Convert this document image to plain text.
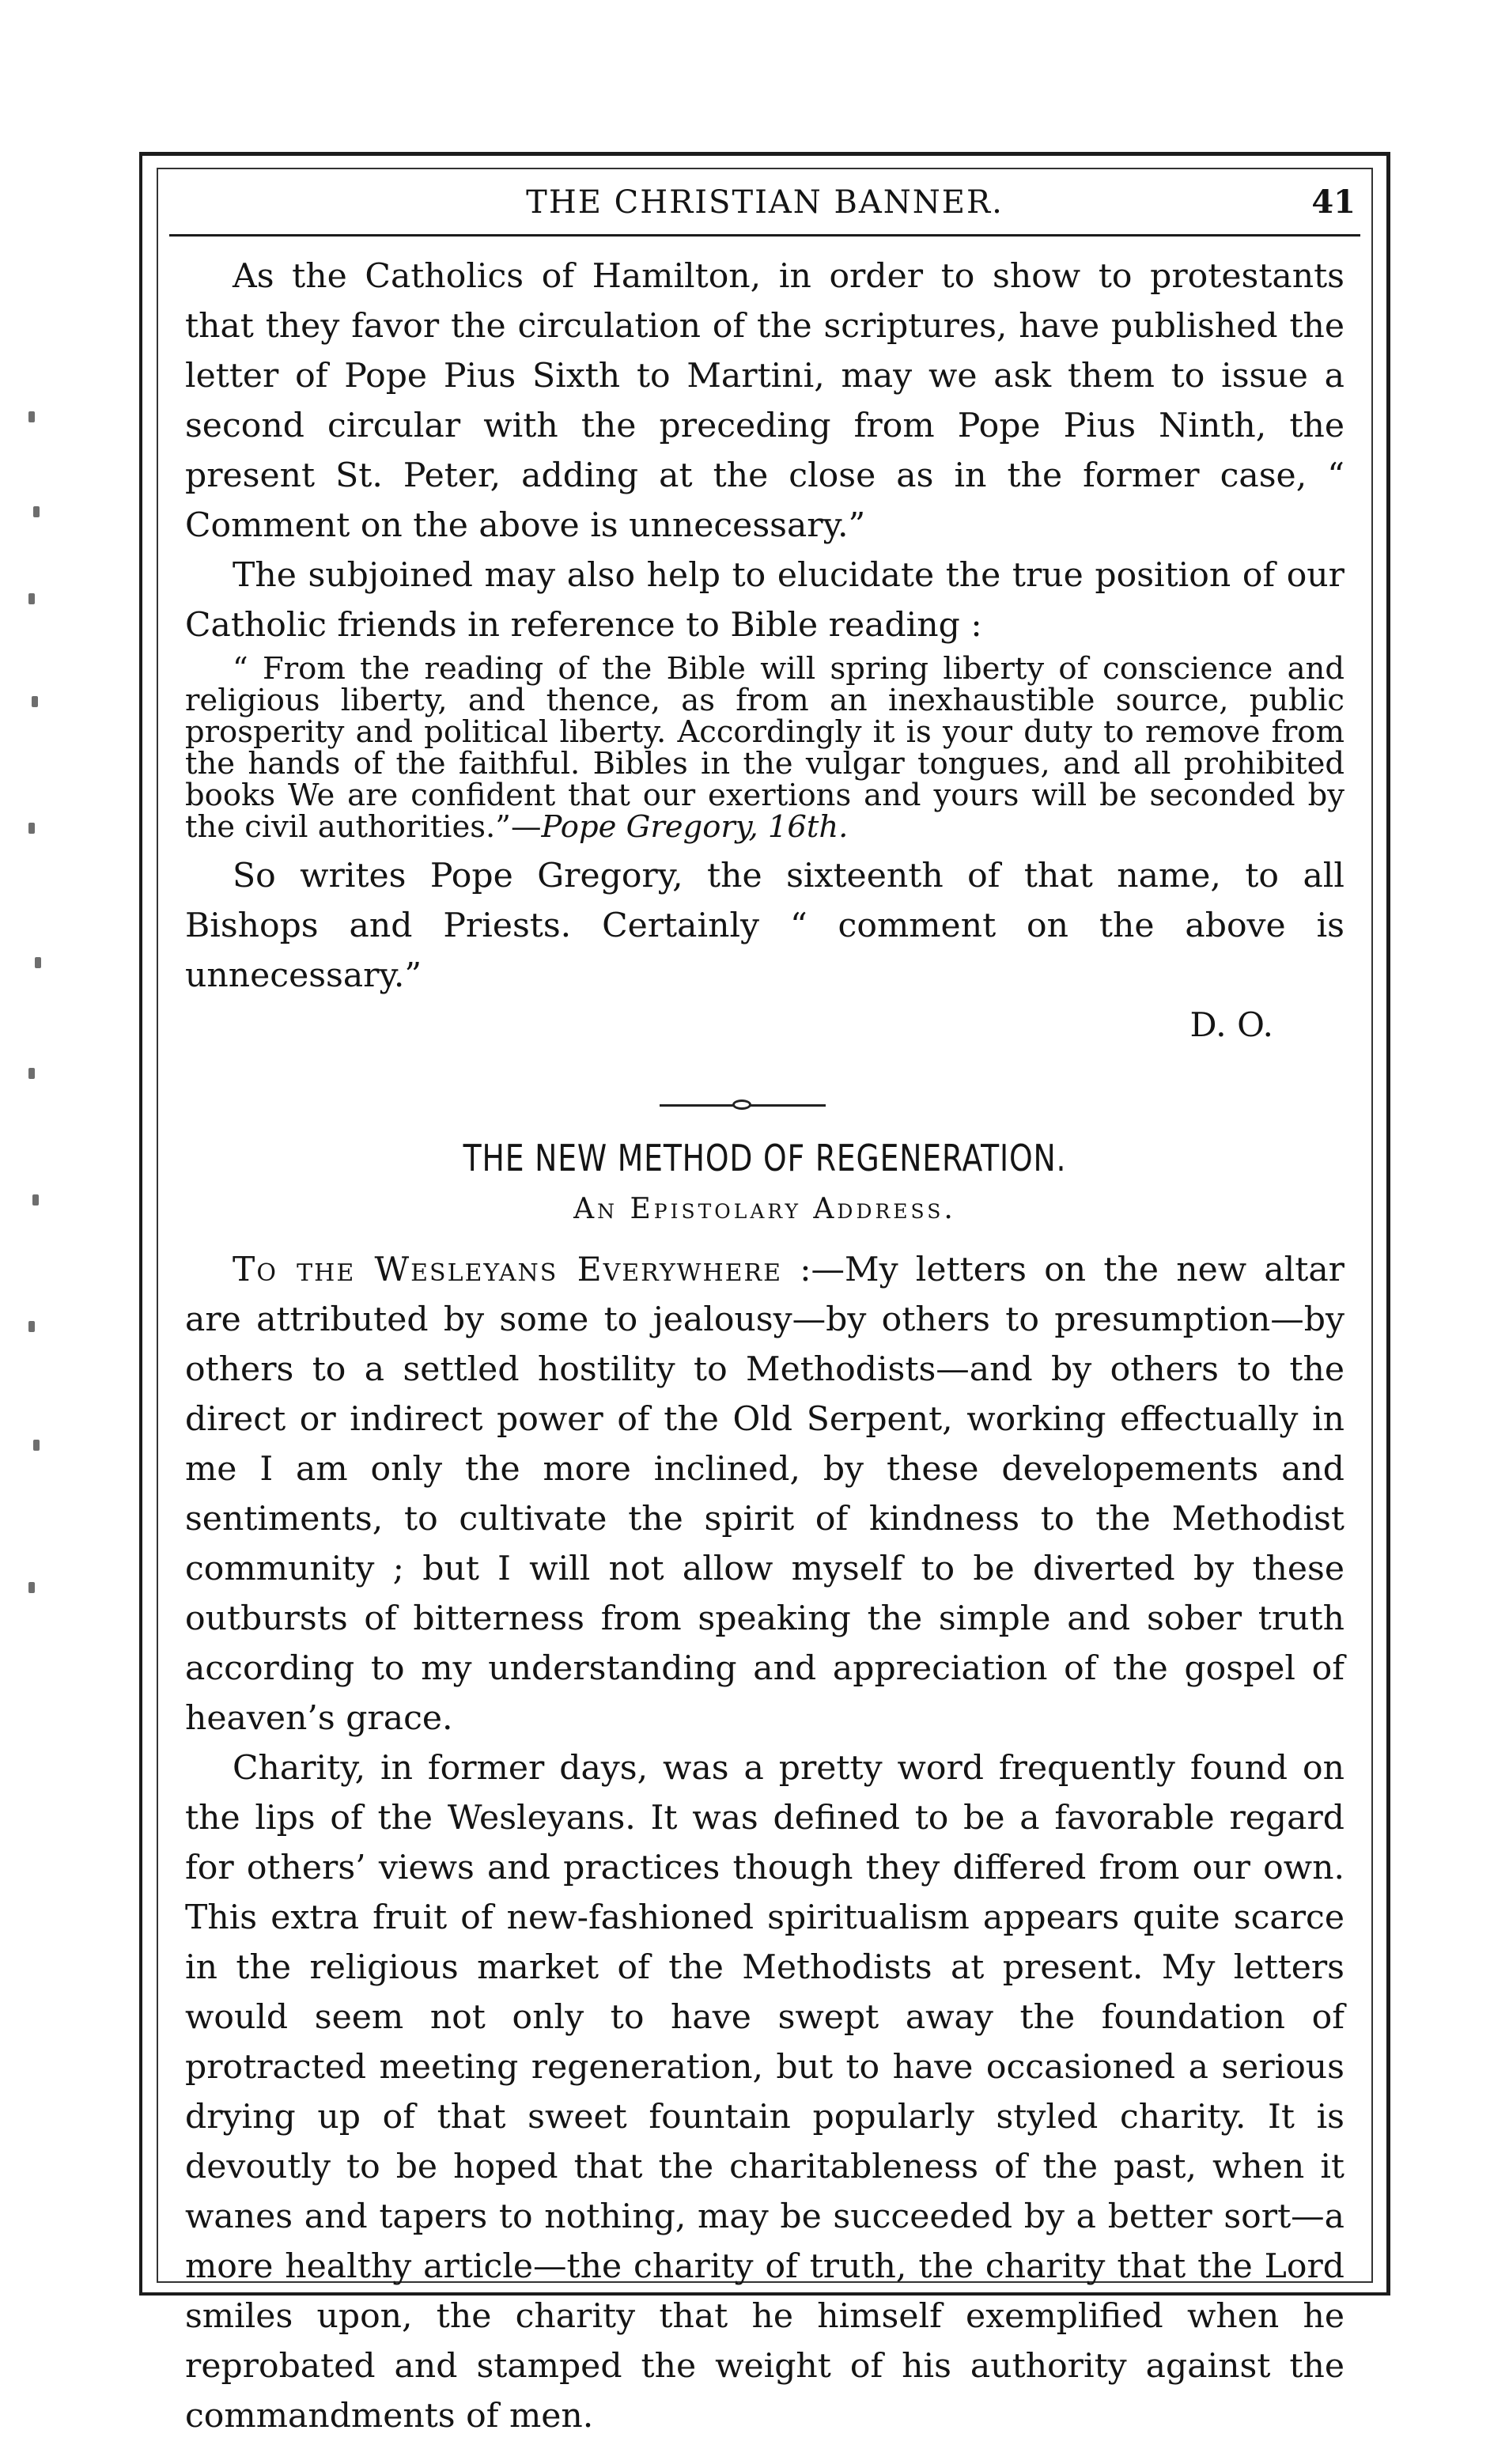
THE CHRISTIAN BANNER.	41

As the Catholics of Hamilton, in order to show to protestants that they favor the circulation of the scriptures, have published the letter of Pope Pius Sixth to Martini, may we ask them to issue a second circular with the preceding from Pope Pius Ninth, the present St. Peter, adding at the close as in the former case, “ Comment on the above is unnecessary.”

The subjoined may also help to elucidate the true position of our Catholic friends in reference to Bible reading :

“ From the reading of the Bible will spring liberty of conscience and religious liberty, and thence, as from an inexhaustible source, public prosperity and political liberty. Accordingly it is your duty to remove from the hands of the faithful. Bibles in the vulgar tongues, and all prohibited books We are confident that our exertions and yours will be seconded by the civil authorities.”—Pope Gregory, 16th.

So writes Pope Gregory, the sixteenth of that name, to all Bishops and Priests. Certainly “ comment on the above is unnecessary.”

D. O.

THE NEW METHOD OF REGENERATION.
An Epistolary Address.

To the Wesleyans Everywhere :—My letters on the new altar are attributed by some to jealousy—by others to presumption—by others to a settled hostility to Methodists—and by others to the direct or indirect power of the Old Serpent, working effectually in me I am only the more inclined, by these developements and sentiments, to cultivate the spirit of kindness to the Methodist community ; but I will not allow myself to be diverted by these outbursts of bitterness from speaking the simple and sober truth according to my understanding and appreciation of the gospel of heaven’s grace.

Charity, in former days, was a pretty word frequently found on the lips of the Wesleyans. It was defined to be a favorable regard for others’ views and practices though they differed from our own. This extra fruit of new-fashioned spiritualism appears quite scarce in the religious market of the Methodists at present. My letters would seem not only to have swept away the foundation of protracted meeting regeneration, but to have occasioned a serious drying up of that sweet fountain popularly styled charity. It is devoutly to be hoped that the charitableness of the past, when it wanes and tapers to nothing, may be succeeded by a better sort—a more healthy article—the charity of truth, the charity that the Lord smiles upon, the charity that he himself exemplified when he reprobated and stamped the weight of his authority against the commandments of men.
